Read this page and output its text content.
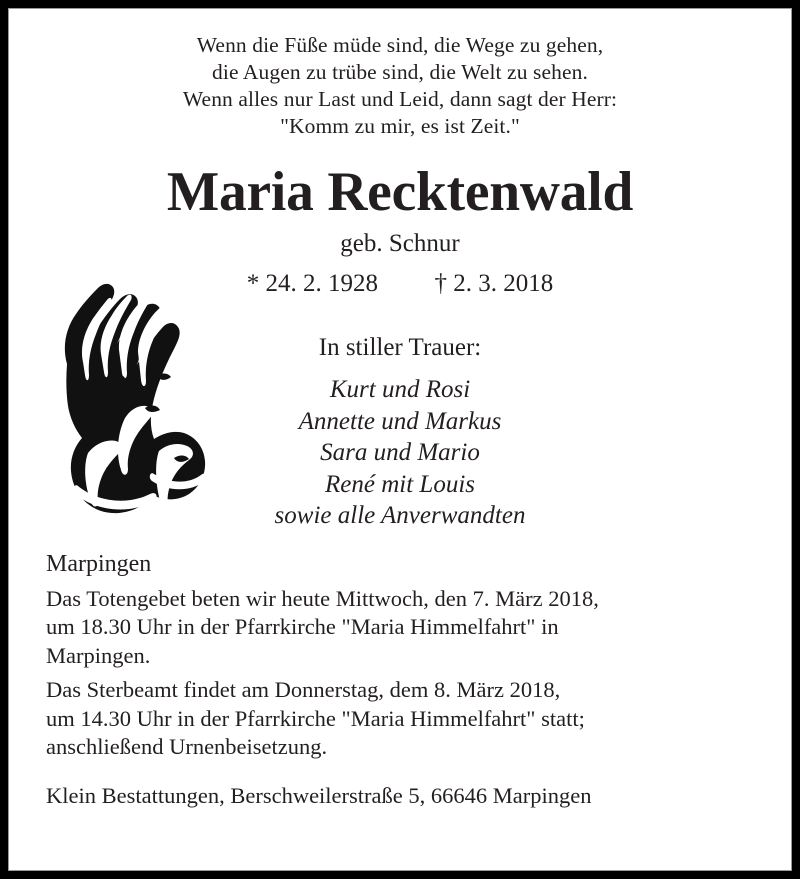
Wenn die Füße müde sind, die Wege zu gehen,
die Augen zu trübe sind, die Welt zu sehen.
Wenn alles nur Last und Leid, dann sagt der Herr:
"Komm zu mir, es ist Zeit."
Maria Recktenwald
geb. Schnur
* 24. 2. 1928 † 2. 3. 2018
In stiller Trauer:
Kurt und Rosi
Annette und Markus
Sara und Mario
René mit Louis
sowie alle Anverwandten
Marpingen
Das Totengebet beten wir heute Mittwoch, den 7. März 2018,
um 18.30 Uhr in der Pfarrkirche "Maria Himmelfahrt" in
Marpingen.
Das Sterbeamt findet am Donnerstag, dem 8. März 2018,
um 14.30 Uhr in der Pfarrkirche "Maria Himmelfahrt" statt;
anschließend Urnenbeisetzung.
Klein Bestattungen, Berschweilerstraße 5, 66646 Marpingen
